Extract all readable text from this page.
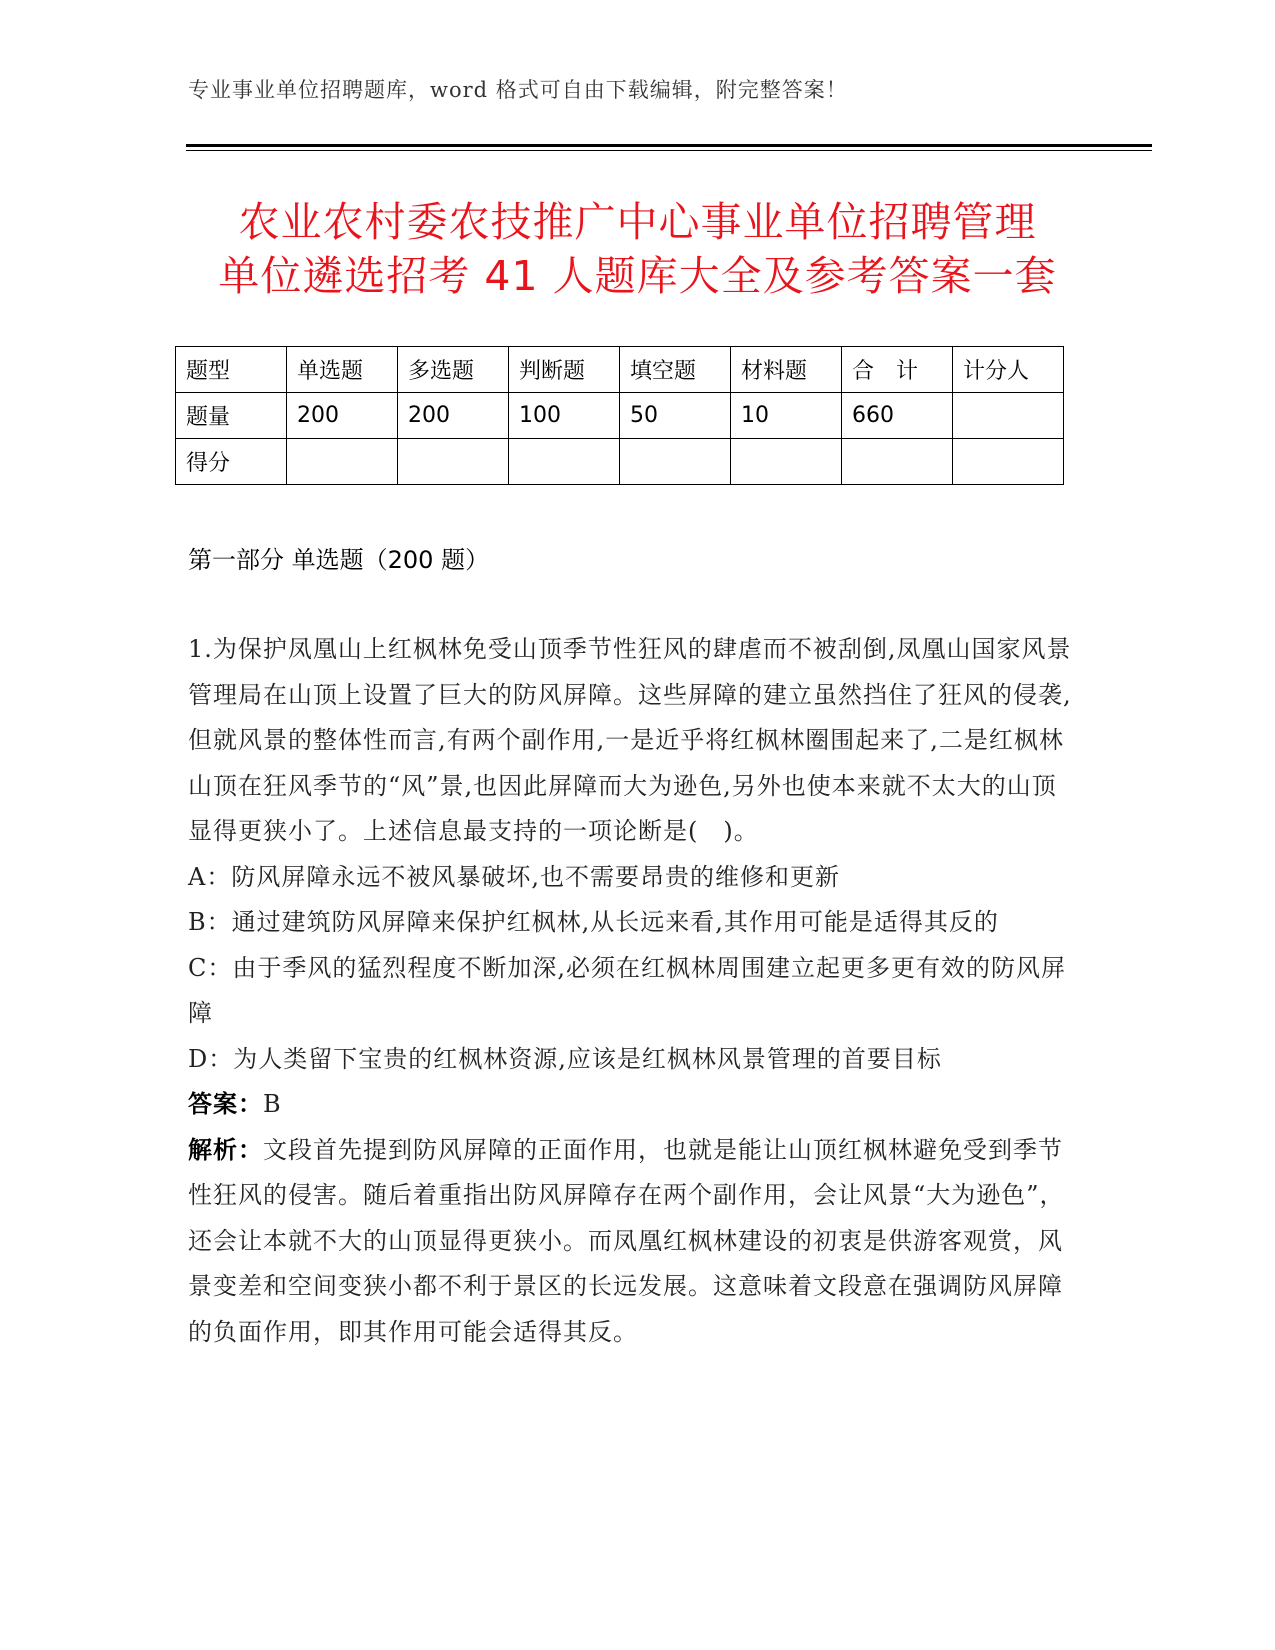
专业事业单位招聘题库，word 格式可自由下载编辑，附完整答案！
农业农村委农技推广中心事业单位招聘管理
单位遴选招考 41 人题库大全及参考答案一套
题型	单选题	多选题	判断题	填空题	材料题	合　计	计分人
题量	200	200	100	50	10	660	
得分							
第一部分 单选题（200 题）

1.为保护凤凰山上红枫林免受山顶季节性狂风的肆虐而不被刮倒,凤凰山国家风景管理局在山顶上设置了巨大的防风屏障。这些屏障的建立虽然挡住了狂风的侵袭,但就风景的整体性而言,有两个副作用,一是近乎将红枫林圈围起来了,二是红枫林山顶在狂风季节的“风”景,也因此屏障而大为逊色,另外也使本来就不太大的山顶显得更狭小了。上述信息最支持的一项论断是(　)。

A：防风屏障永远不被风暴破坏,也不需要昂贵的维修和更新

B：通过建筑防风屏障来保护红枫林,从长远来看,其作用可能是适得其反的

C：由于季风的猛烈程度不断加深,必须在红枫林周围建立起更多更有效的防风屏障

D：为人类留下宝贵的红枫林资源,应该是红枫林风景管理的首要目标

答案：B

解析：文段首先提到防风屏障的正面作用，也就是能让山顶红枫林避免受到季节性狂风的侵害。随后着重指出防风屏障存在两个副作用，会让风景“大为逊色”，还会让本就不大的山顶显得更狭小。而凤凰红枫林建设的初衷是供游客观赏，风景变差和空间变狭小都不利于景区的长远发展。这意味着文段意在强调防风屏障的负面作用，即其作用可能会适得其反。
